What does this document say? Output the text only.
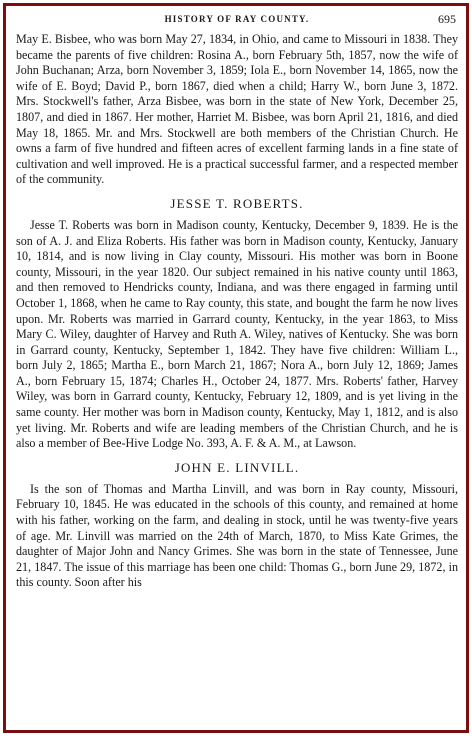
HISTORY OF RAY COUNTY.	695

May E. Bisbee, who was born May 27, 1834, in Ohio, and came to Missouri in 1838. They became the parents of five children: Rosina A., born February 5th, 1857, now the wife of John Buchanan; Arza, born November 3, 1859; Iola E., born November 14, 1865, now the wife of E. Boyd; David P., born 1867, died when a child; Harry W., born June 3, 1872. Mrs. Stockwell's father, Arza Bisbee, was born in the state of New York, December 25, 1807, and died in 1867. Her mother, Harriet M. Bisbee, was born April 21, 1816, and died May 18, 1865. Mr. and Mrs. Stockwell are both members of the Christian Church. He owns a farm of five hundred and fifteen acres of excellent farming lands in a fine state of cultivation and well improved. He is a practical successful farmer, and a respected member of the community.

JESSE T. ROBERTS.

Jesse T. Roberts was born in Madison county, Kentucky, December 9, 1839. He is the son of A. J. and Eliza Roberts. His father was born in Madison county, Kentucky, January 10, 1814, and is now living in Clay county, Missouri. His mother was born in Boone county, Missouri, in the year 1820. Our subject remained in his native county until 1863, and then removed to Hendricks county, Indiana, and was there engaged in farming until October 1, 1868, when he came to Ray county, this state, and bought the farm he now lives upon. Mr. Roberts was married in Garrard county, Kentucky, in the year 1863, to Miss Mary C. Wiley, daughter of Harvey and Ruth A. Wiley, natives of Kentucky. She was born in Garrard county, Kentucky, September 1, 1842. They have five children: William L., born July 2, 1865; Martha E., born March 21, 1867; Nora A., born July 12, 1869; James A., born February 15, 1874; Charles H., October 24, 1877. Mrs. Roberts' father, Harvey Wiley, was born in Garrard county, Kentucky, February 12, 1809, and is yet living in the same county. Her mother was born in Madison county, Kentucky, May 1, 1812, and is also yet living. Mr. Roberts and wife are leading members of the Christian Church, and he is also a member of Bee-Hive Lodge No. 393, A. F. & A. M., at Lawson.

JOHN E. LINVILL.

Is the son of Thomas and Martha Linvill, and was born in Ray county, Missouri, February 10, 1845. He was educated in the schools of this county, and remained at home with his father, working on the farm, and dealing in stock, until he was twenty-five years of age. Mr. Linvill was married on the 24th of March, 1870, to Miss Kate Grimes, the daughter of Major John and Nancy Grimes. She was born in the state of Tennessee, June 21, 1847. The issue of this marriage has been one child: Thomas G., born June 29, 1872, in this county. Soon after his
